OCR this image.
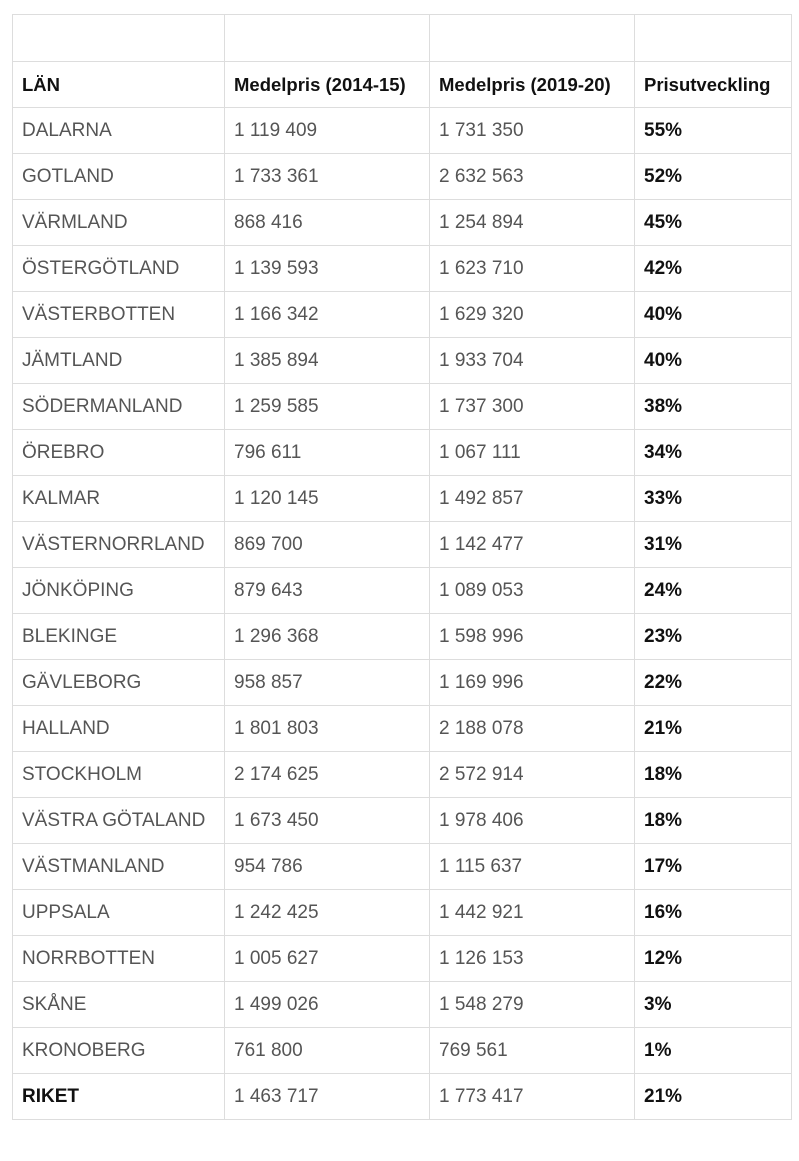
LÄN	Medelpris (2014-15)	Medelpris (2019-20)	Prisutveckling
DALARNA	1 119 409	1 731 350	55%
GOTLAND	1 733 361	2 632 563	52%
VÄRMLAND	868 416	1 254 894	45%
ÖSTERGÖTLAND	1 139 593	1 623 710	42%
VÄSTERBOTTEN	1 166 342	1 629 320	40%
JÄMTLAND	1 385 894	1 933 704	40%
SÖDERMANLAND	1 259 585	1 737 300	38%
ÖREBRO	796 611	1 067 111	34%
KALMAR	1 120 145	1 492 857	33%
VÄSTERNORRLAND	869 700	1 142 477	31%
JÖNKÖPING	879 643	1 089 053	24%
BLEKINGE	1 296 368	1 598 996	23%
GÄVLEBORG	958 857	1 169 996	22%
HALLAND	1 801 803	2 188 078	21%
STOCKHOLM	2 174 625	2 572 914	18%
VÄSTRA GÖTALAND	1 673 450	1 978 406	18%
VÄSTMANLAND	954 786	1 115 637	17%
UPPSALA	1 242 425	1 442 921	16%
NORRBOTTEN	1 005 627	1 126 153	12%
SKÅNE	1 499 026	1 548 279	3%
KRONOBERG	761 800	769 561	1%
RIKET	1 463 717	1 773 417	21%
